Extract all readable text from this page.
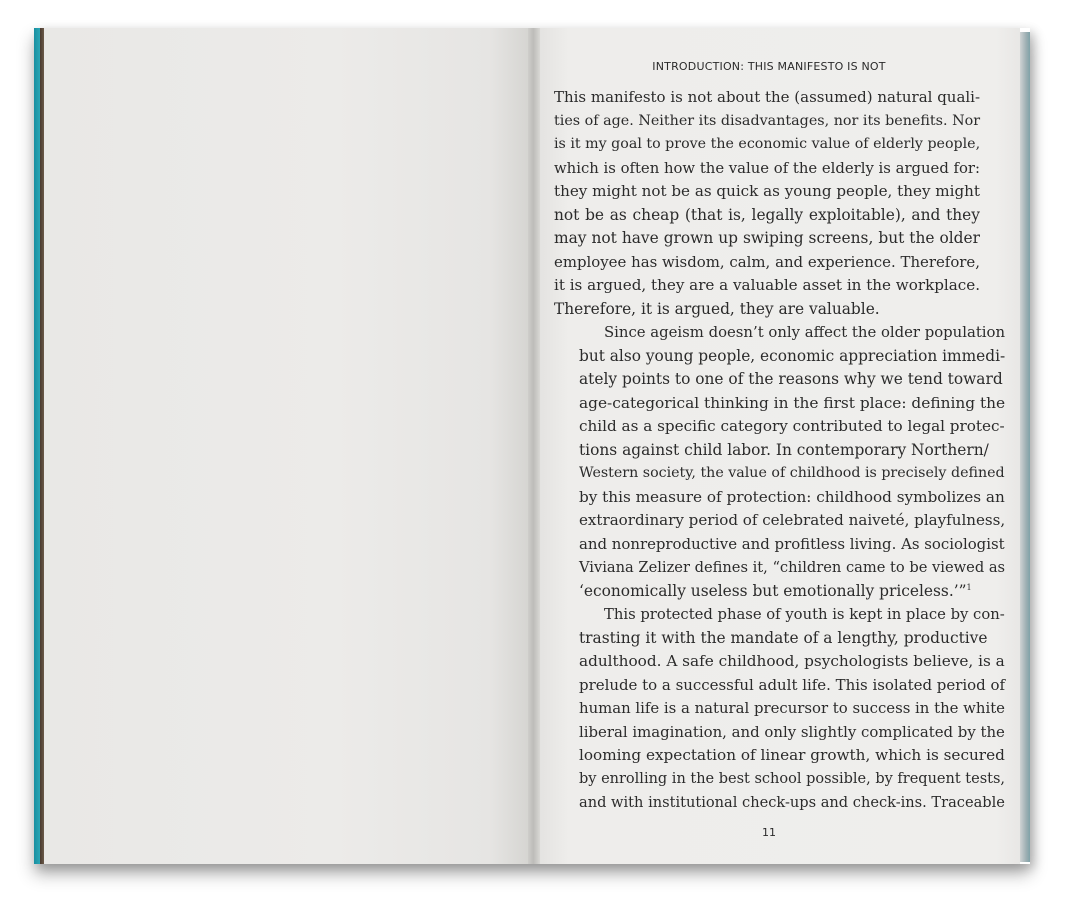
INTRODUCTION: THIS MANIFESTO IS NOT
This manifesto is not about the (assumed) natural quali-
ties of age. Neither its disadvantages, nor its benefits. Nor
is it my goal to prove the economic value of elderly people,
which is often how the value of the elderly is argued for:
they might not be as quick as young people, they might
not be as cheap (that is, legally exploitable), and they
may not have grown up swiping screens, but the older
employee has wisdom, calm, and experience. Therefore,
it is argued, they are a valuable asset in the workplace.
Therefore, it is argued, they are valuable.
Since ageism doesn’t only affect the older population
but also young people, economic appreciation immedi-
ately points to one of the reasons why we tend toward
age-categorical thinking in the first place: defining the
child as a specific category contributed to legal protec-
tions against child labor. In contemporary Northern/
Western society, the value of childhood is precisely defined
by this measure of protection: childhood symbolizes an
extraordinary period of celebrated naiveté, playfulness,
and nonreproductive and profitless living. As sociologist
Viviana Zelizer defines it, “children came to be viewed as
‘economically useless but emotionally priceless.’”$^1$
This protected phase of youth is kept in place by con-
trasting it with the mandate of a lengthy, productive
adulthood. A safe childhood, psychologists believe, is a
prelude to a successful adult life. This isolated period of
human life is a natural precursor to success in the white
liberal imagination, and only slightly complicated by the
looming expectation of linear growth, which is secured
by enrolling in the best school possible, by frequent tests,
and with institutional check-ups and check-ins. Traceable
11
